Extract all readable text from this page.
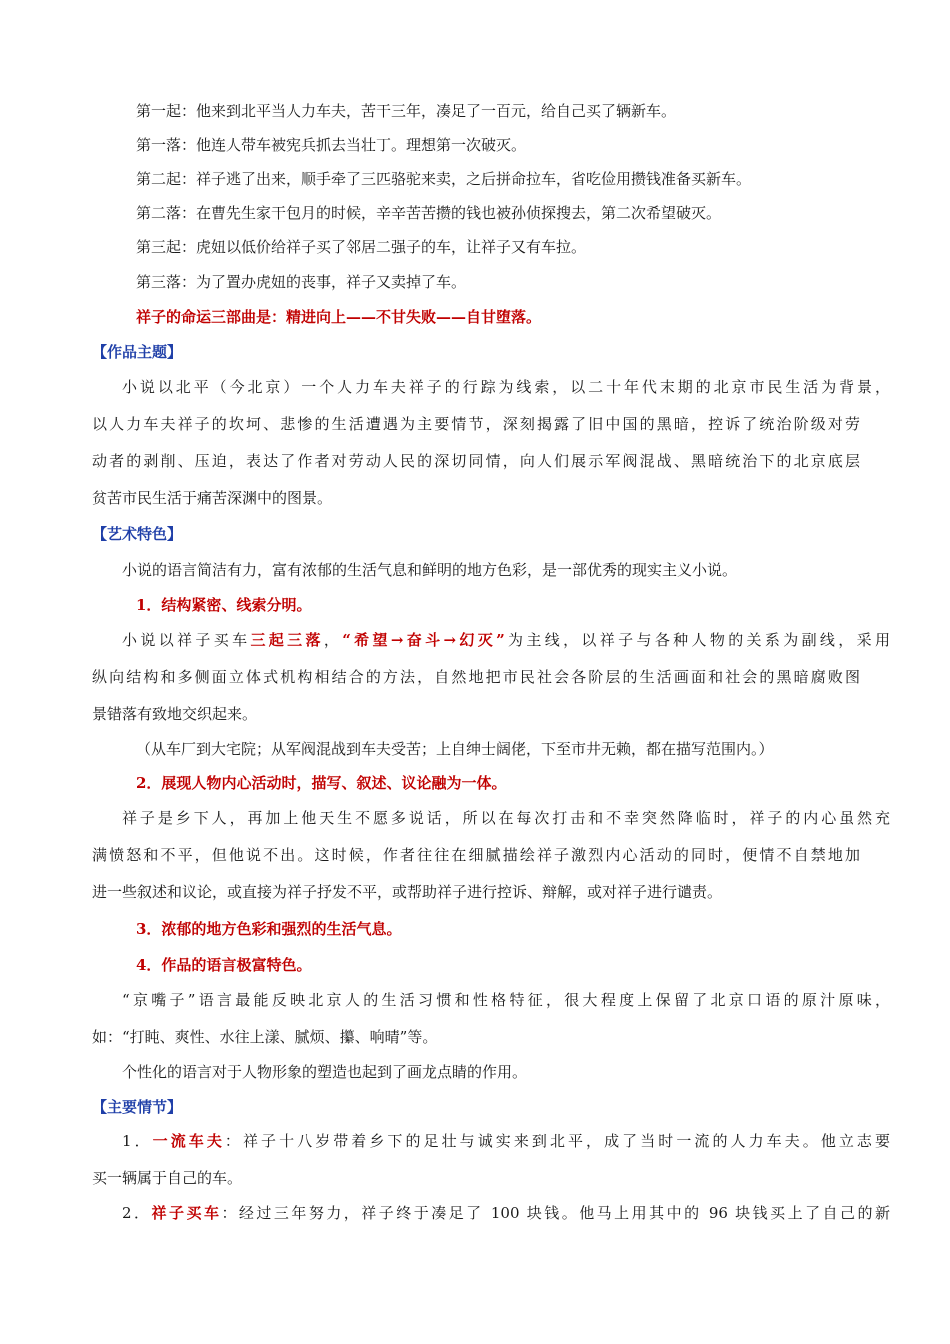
第一起：他来到北平当人力车夫，苦干三年，凑足了一百元，给自己买了辆新车。
第一落：他连人带车被宪兵抓去当壮丁。理想第一次破灭。
第二起：祥子逃了出来，顺手牵了三匹骆驼来卖，之后拼命拉车，省吃俭用攒钱准备买新车。
第二落：在曹先生家干包月的时候，辛辛苦苦攒的钱也被孙侦探搜去，第二次希望破灭。
第三起：虎妞以低价给祥子买了邻居二强子的车，让祥子又有车拉。
第三落：为了置办虎妞的丧事，祥子又卖掉了车。
祥子的命运三部曲是：精进向上——不甘失败——自甘堕落。
【作品主题】
小说以北平（今北京）一个人力车夫祥子的行踪为线索，以二十年代末期的北京市民生活为背景，
以人力车夫祥子的坎坷、悲惨的生活遭遇为主要情节，深刻揭露了旧中国的黑暗，控诉了统治阶级对劳
动者的剥削、压迫，表达了作者对劳动人民的深切同情，向人们展示军阀混战、黑暗统治下的北京底层
贫苦市民生活于痛苦深渊中的图景。
【艺术特色】
小说的语言简洁有力，富有浓郁的生活气息和鲜明的地方色彩，是一部优秀的现实主义小说。
1．结构紧密、线索分明。
小说以祥子买车三起三落，“希望→奋斗→幻灭”为主线，以祥子与各种人物的关系为副线，采用
纵向结构和多侧面立体式机构相结合的方法，自然地把市民社会各阶层的生活画面和社会的黑暗腐败图
景错落有致地交织起来。
（从车厂到大宅院；从军阀混战到车夫受苦；上自绅士阔佬，下至市井无赖，都在描写范围内。）
2．展现人物内心活动时，描写、叙述、议论融为一体。
祥子是乡下人，再加上他天生不愿多说话，所以在每次打击和不幸突然降临时，祥子的内心虽然充
满愤怒和不平，但他说不出。这时候，作者往往在细腻描绘祥子激烈内心活动的同时，便情不自禁地加
进一些叙述和议论，或直接为祥子抒发不平，或帮助祥子进行控诉、辩解，或对祥子进行谴责。
3．浓郁的地方色彩和强烈的生活气息。
4．作品的语言极富特色。
“京嘴子”语言最能反映北京人的生活习惯和性格特征，很大程度上保留了北京口语的原汁原味，
如：“打盹、爽性、水往上漾、腻烦、攥、响晴”等。
个性化的语言对于人物形象的塑造也起到了画龙点睛的作用。
【主要情节】
1．一流车夫：祥子十八岁带着乡下的足壮与诚实来到北平，成了当时一流的人力车夫。他立志要
买一辆属于自己的车。
2．祥子买车：经过三年努力，祥子终于凑足了 100 块钱。他马上用其中的 96 块钱买上了自己的新
